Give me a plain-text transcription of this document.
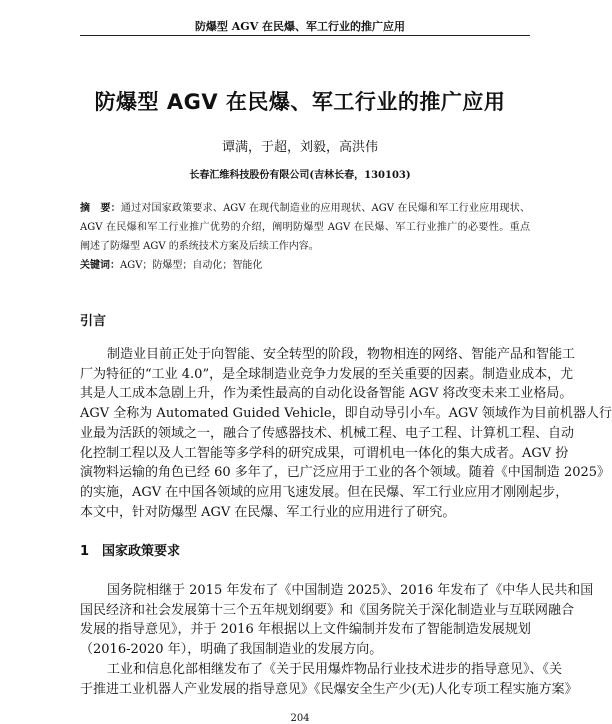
防爆型 AGV 在民爆、军工行业的推广应用
防爆型 AGV 在民爆、军工行业的推广应用
谭满，于超，刘毅，高洪伟
长春汇维科技股份有限公司(吉林长春，130103)
摘　要：通过对国家政策要求、AGV 在现代制造业的应用现状、AGV 在民爆和军工行业应用现状、
AGV 在民爆和军工行业推广优势的介绍，阐明防爆型 AGV 在民爆、军工行业推广的必要性。重点
阐述了防爆型 AGV 的系统技术方案及后续工作内容。
关键词：AGV；防爆型；自动化；智能化
引言
制造业目前正处于向智能、安全转型的阶段，物物相连的网络、智能产品和智能工
厂为特征的“工业 4.0”，是全球制造业竞争力发展的至关重要的因素。制造业成本，尤
其是人工成本急剧上升，作为柔性最高的自动化设备智能 AGV 将改变未来工业格局。
AGV 全称为 Automated Guided Vehicle，即自动导引小车。AGV 领域作为目前机器人行
业最为活跃的领域之一，融合了传感器技术、机械工程、电子工程、计算机工程、自动
化控制工程以及人工智能等多学科的研究成果，可谓机电一体化的集大成者。AGV 扮
演物料运输的角色已经 60 多年了，已广泛应用于工业的各个领域。随着《中国制造 2025》
的实施，AGV 在中国各领域的应用飞速发展。但在民爆、军工行业应用才刚刚起步，
本文中，针对防爆型 AGV 在民爆、军工行业的应用进行了研究。
1 国家政策要求
国务院相继于 2015 年发布了《中国制造 2025》、2016 年发布了《中华人民共和国
国民经济和社会发展第十三个五年规划纲要》和《国务院关于深化制造业与互联网融合
发展的指导意见》，并于 2016 年根据以上文件编制并发布了智能制造发展规划
（2016-2020 年），明确了我国制造业的发展方向。
工业和信息化部相继发布了《关于民用爆炸物品行业技术进步的指导意见》、《关
于推进工业机器人产业发展的指导意见》《民爆安全生产少(无)人化专项工程实施方案》
204
